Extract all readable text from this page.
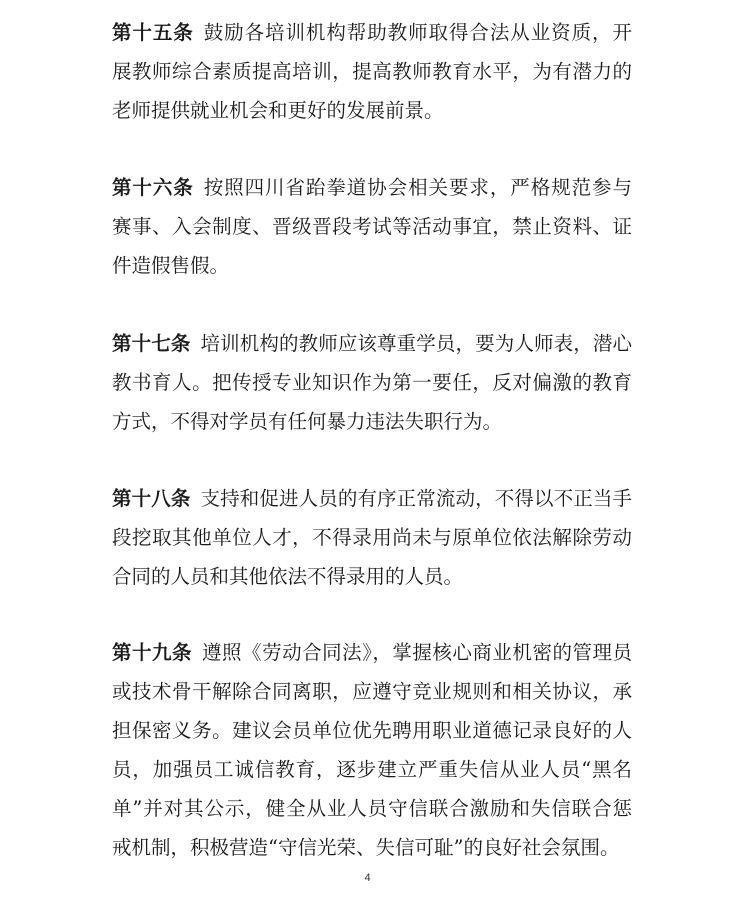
第十五条 鼓励各培训机构帮助教师取得合法从业资质，开
展教师综合素质提高培训，提高教师教育水平，为有潜力的
老师提供就业机会和更好的发展前景。
第十六条 按照四川省跆拳道协会相关要求，严格规范参与
赛事、入会制度、晋级晋段考试等活动事宜，禁止资料、证
件造假售假。
第十七条 培训机构的教师应该尊重学员，要为人师表，潜心
教书育人。把传授专业知识作为第一要任，反对偏激的教育
方式，不得对学员有任何暴力违法失职行为。
第十八条 支持和促进人员的有序正常流动，不得以不正当手
段挖取其他单位人才，不得录用尚未与原单位依法解除劳动
合同的人员和其他依法不得录用的人员。
第十九条 遵照《劳动合同法》，掌握核心商业机密的管理员
或技术骨干解除合同离职，应遵守竞业规则和相关协议，承
担保密义务。建议会员单位优先聘用职业道德记录良好的人
员，加强员工诚信教育，逐步建立严重失信从业人员“黑名
单”并对其公示，健全从业人员守信联合激励和失信联合惩
戒机制，积极营造“守信光荣、失信可耻”的良好社会氛围。
4
